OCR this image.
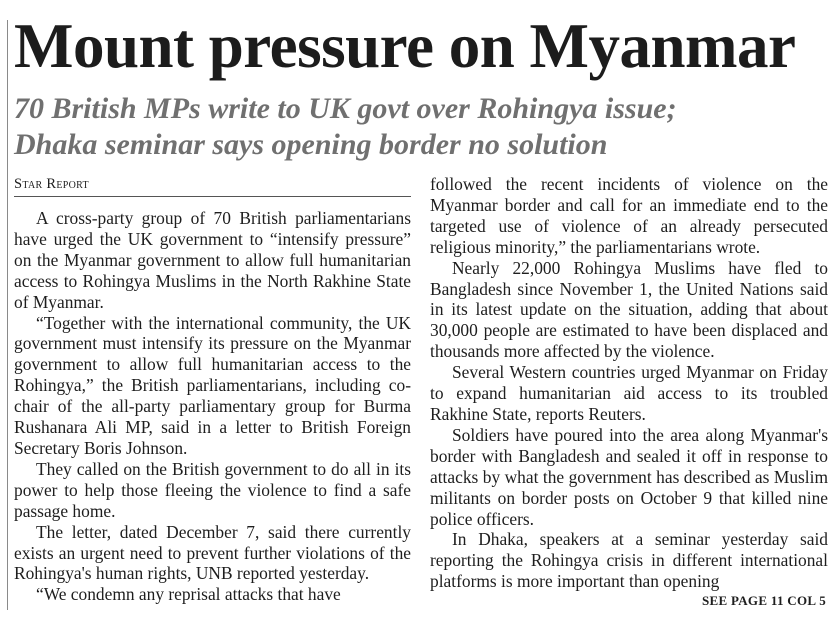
Mount pressure on Myanmar
70 British MPs write to UK govt over Rohingya issue;
Dhaka seminar says opening border no solution
Star Report

A cross-party group of 70 British parliamentarians have urged the UK government to “intensify pressure” on the Myanmar government to allow full humanitarian access to Rohingya Muslims in the North Rakhine State of Myanmar.

“Together with the international community, the UK government must intensify its pressure on the Myanmar government to allow full humanitarian access to the Rohingya,” the British parliamentarians, including co-chair of the all-party parliamentary group for Burma Rushanara Ali MP, said in a letter to British Foreign Secretary Boris Johnson.

They called on the British government to do all in its power to help those fleeing the violence to find a safe passage home.

The letter, dated December 7, said there currently exists an urgent need to prevent further violations of the Rohingya's human rights, UNB reported yesterday.

“We condemn any reprisal attacks that have

followed the recent incidents of violence on the Myanmar border and call for an immediate end to the targeted use of violence of an already persecuted religious minority,” the parliamentarians wrote.

Nearly 22,000 Rohingya Muslims have fled to Bangladesh since November 1, the United Nations said in its latest update on the situation, adding that about 30,000 people are estimated to have been displaced and thousands more affected by the violence.

Several Western countries urged Myanmar on Friday to expand humanitarian aid access to its troubled Rakhine State, reports Reuters.

Soldiers have poured into the area along Myanmar's border with Bangladesh and sealed it off in response to attacks by what the government has described as Muslim militants on border posts on October 9 that killed nine police officers.

In Dhaka, speakers at a seminar yesterday said reporting the Rohingya crisis in different international platforms is more important than opening

SEE PAGE 11 COL 5
